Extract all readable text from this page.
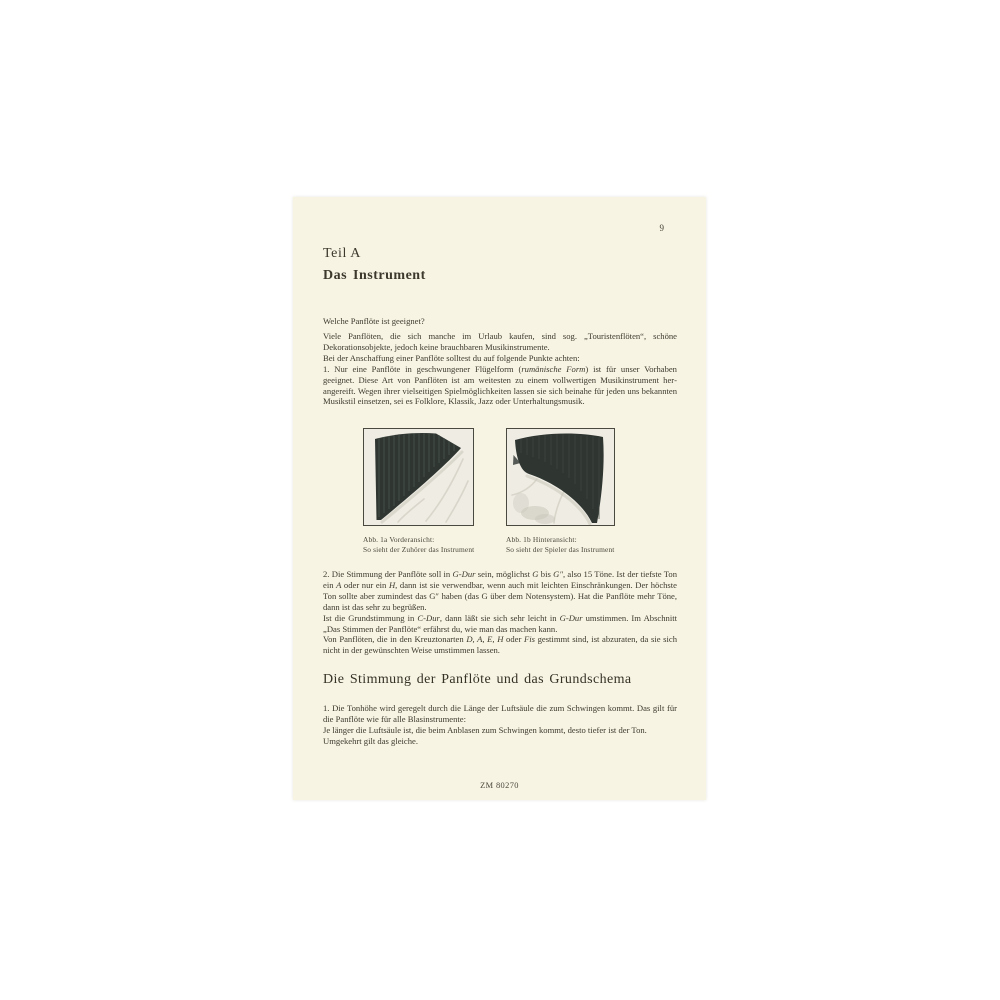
9
Teil A
Das Instrument
Welche Panflöte ist geeignet?

Viele Panflöten, die sich manche im Urlaub kaufen, sind sog. „Touristenflöten“, schöne Dekorationsobjekte, jedoch keine brauchbaren Musikinstrumente.

Bei der Anschaffung einer Panflöte solltest du auf folgende Punkte achten:

1. Nur eine Panflöte in geschwungener Flügelform (rumänische Form) ist für unser Vorhaben geeignet. Diese Art von Panflöten ist am weitesten zu einem vollwertigen Musikinstrument herangereift. Wegen ihrer vielseitigen Spielmöglichkeiten lassen sie sich beinahe für jeden uns bekannten Musikstil einsetzen, sei es Folklore, Klassik, Jazz oder Unterhaltungsmusik.

Abb. 1a Vorderansicht:
So sieht der Zuhörer das Instrument
Abb. 1b Hinteransicht:
So sieht der Spieler das Instrument

2. Die Stimmung der Panflöte soll in G-Dur sein, möglichst G bis G″, also 15 Töne. Ist der tiefste Ton ein A oder nur ein H, dann ist sie verwendbar, wenn auch mit leichten Einschränkungen. Der höchste Ton sollte aber zumindest das G″ haben (das G über dem Notensystem). Hat die Panflöte mehr Töne, dann ist das sehr zu begrüßen.

Ist die Grundstimmung in C-Dur, dann läßt sie sich sehr leicht in G-Dur umstimmen. Im Abschnitt „Das Stimmen der Panflöte“ erfährst du, wie man das machen kann.

Von Panflöten, die in den Kreuztonarten D, A, E, H oder Fis gestimmt sind, ist abzuraten, da sie sich nicht in der gewünschten Weise umstimmen lassen.

Die Stimmung der Panflöte und das Grundschema

1. Die Tonhöhe wird geregelt durch die Länge der Luftsäule die zum Schwingen kommt. Das gilt für die Panflöte wie für alle Blasinstrumente:

Je länger die Luftsäule ist, die beim Anblasen zum Schwingen kommt, desto tiefer ist der Ton.

Umgekehrt gilt das gleiche.

ZM 80270
